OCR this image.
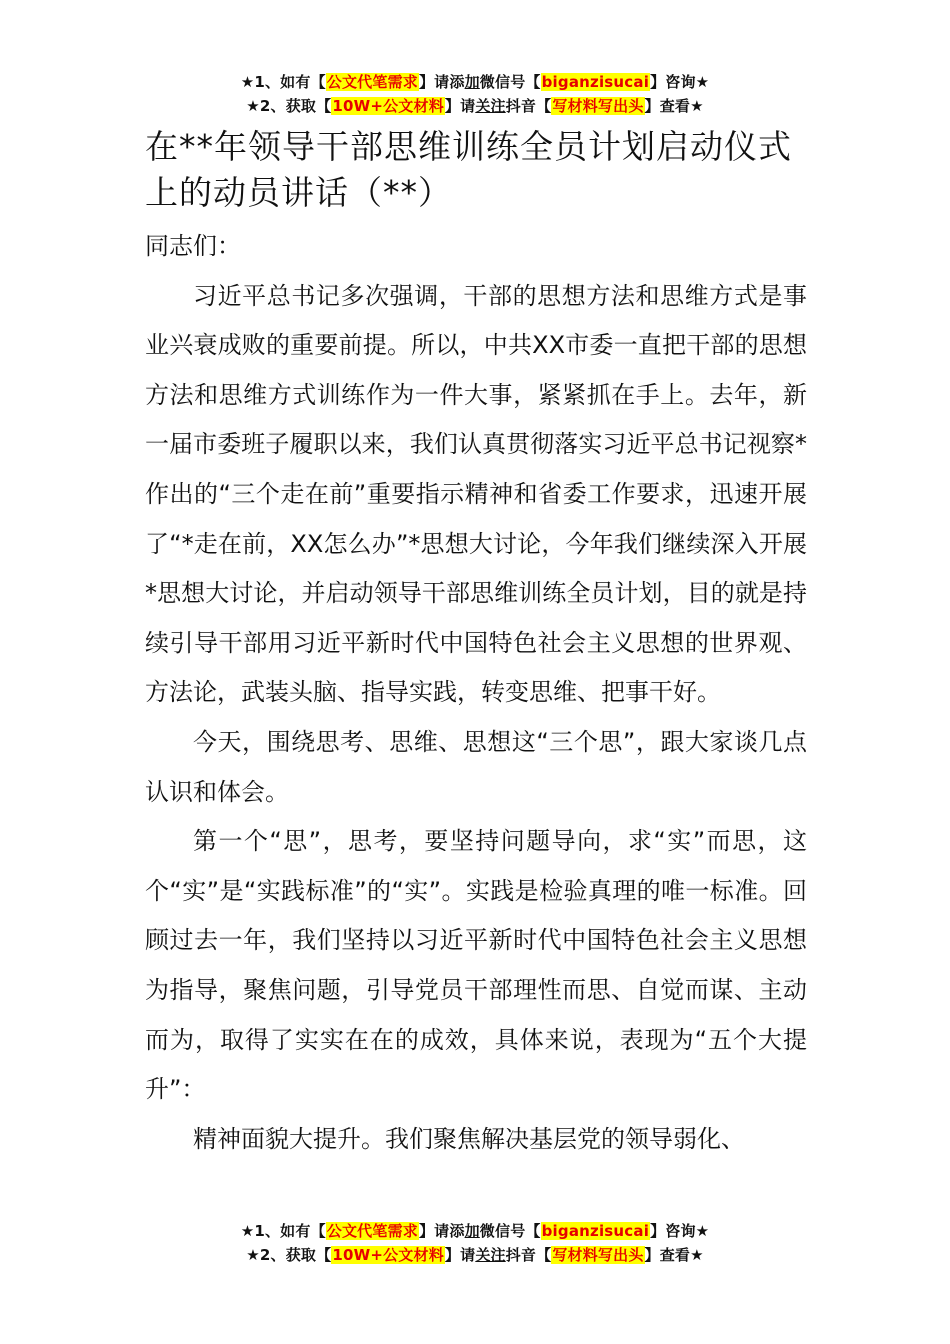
★1、如有【公文代笔需求】请添加微信号【biganzisucai】咨询★
★2、获取【10W+公文材料】请关注抖音【写材料写出头】查看★
在**年领导干部思维训练全员计划启动仪式上的动员讲话（**）

同志们：

习近平总书记多次强调，干部的思想方法和思维方式是事业兴衰成败的重要前提。所以，中共XX市委一直把干部的思想方法和思维方式训练作为一件大事，紧紧抓在手上。去年，新一届市委班子履职以来，我们认真贯彻落实习近平总书记视察*作出的“三个走在前”重要指示精神和省委工作要求，迅速开展了“*走在前，XX怎么办”*思想大讨论，今年我们继续深入开展*思想大讨论，并启动领导干部思维训练全员计划，目的就是持续引导干部用习近平新时代中国特色社会主义思想的世界观、方法论，武装头脑、指导实践，转变思维、把事干好。

今天，围绕思考、思维、思想这“三个思”，跟大家谈几点认识和体会。

第一个“思”，思考，要坚持问题导向，求“实”而思，这个“实”是“实践标准”的“实”。实践是检验真理的唯一标准。回顾过去一年，我们坚持以习近平新时代中国特色社会主义思想为指导，聚焦问题，引导党员干部理性而思、自觉而谋、主动而为，取得了实实在在的成效，具体来说，表现为“五个大提升”：

精神面貌大提升。我们聚焦解决基层党的领导弱化、

★1、如有【公文代笔需求】请添加微信号【biganzisucai】咨询★
★2、获取【10W+公文材料】请关注抖音【写材料写出头】查看★
